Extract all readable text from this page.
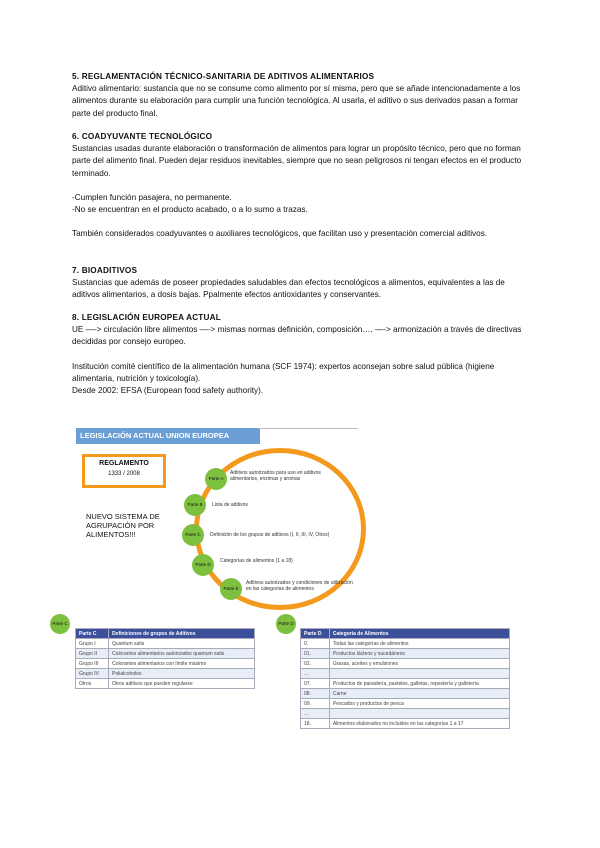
5. REGLAMENTACIÓN TÉCNICO-SANITARIA DE ADITIVOS ALIMENTARIOS

Aditivo alimentario: sustancia que no se consume como alimento por sí misma, pero que se añade intencionadamente a los alimentos durante su elaboración para cumplir una función tecnológica. Al usarla, el aditivo o sus derivados pasan a formar parte del producto final.

6. COADYUVANTE TECNOLÓGICO

Sustancias usadas durante elaboración o transformación de alimentos para lograr un propósito técnico, pero que no forman parte del alimento final. Pueden dejar residuos inevitables, siempre que no sean peligrosos ni tengan efectos en el producto terminado.

-Cumplen función pasajera, no permanente.

-No se encuentran en el producto acabado, o a lo sumo a trazas.

También considerados coadyuvantes o auxiliares tecnológicos, que facilitan uso y presentación comercial aditivos.

7. BIOADITIVOS

Sustancias que además de poseer propiedades saludables dan efectos tecnológicos a alimentos, equivalentes a las de aditivos alimentarios, a dosis bajas. Ppalmente efectos antioxidantes y conservantes.

8. LEGISLACIÓN EUROPEA ACTUAL

UE —-> circulación libre alimentos —-> mismas normas definición, composición…. —-> armonización a través de directivas decididas por consejo europeo.

Institución comité científico de la alimentación humana (SCF 1974): expertos aconsejan sobre salud pública (higiene alimentaria, nutrición y toxicología).

Desde 2002: EFSA (European food safety authority).

LEGISLACIÓN ACTUAL UNION EUROPEA
REGLAMENTO
1333 / 2008
NUEVO SISTEMA DE
AGRUPACIÓN POR
ALIMENTOS!!!
Parte A
Aditivos autorizados para uso en aditivos alimentarios, enzimas y aromas
Parte B	Lista de aditivos
Parte C	Definición de los grupos de aditivos (I, II, III, IV, Otros)
Parte D
Categorías de alimentos (1 a 18)
Parte E
Aditivos autorizados y condiciones de utilización en las categorías de alimentos
Parte C
Parte C	Definiciones de grupos de Aditivos
Grupo I	Quantum satis
Grupo II	Colorantes alimentarios autorizados quantum satis
Grupo III	Colorantes alimentarios con límite máximo
Grupo IV	Polialcoholes
Otros	Otros aditivos que pueden regularse
Parte D
Parte D	Categoría de Alimentos
0.	Todas las categorías de alimentos
01.	Productos lácteos y sucedáneos
02.	Grasas, aceites y emulsiones
…	
07.	Productos de panadería, pasteles, galletas, repostería y galletería
08.	Carne
09.	Pescados y productos de pesca
…	
18.	Alimentos elaborados no incluidos en las categorías 1 a 17
